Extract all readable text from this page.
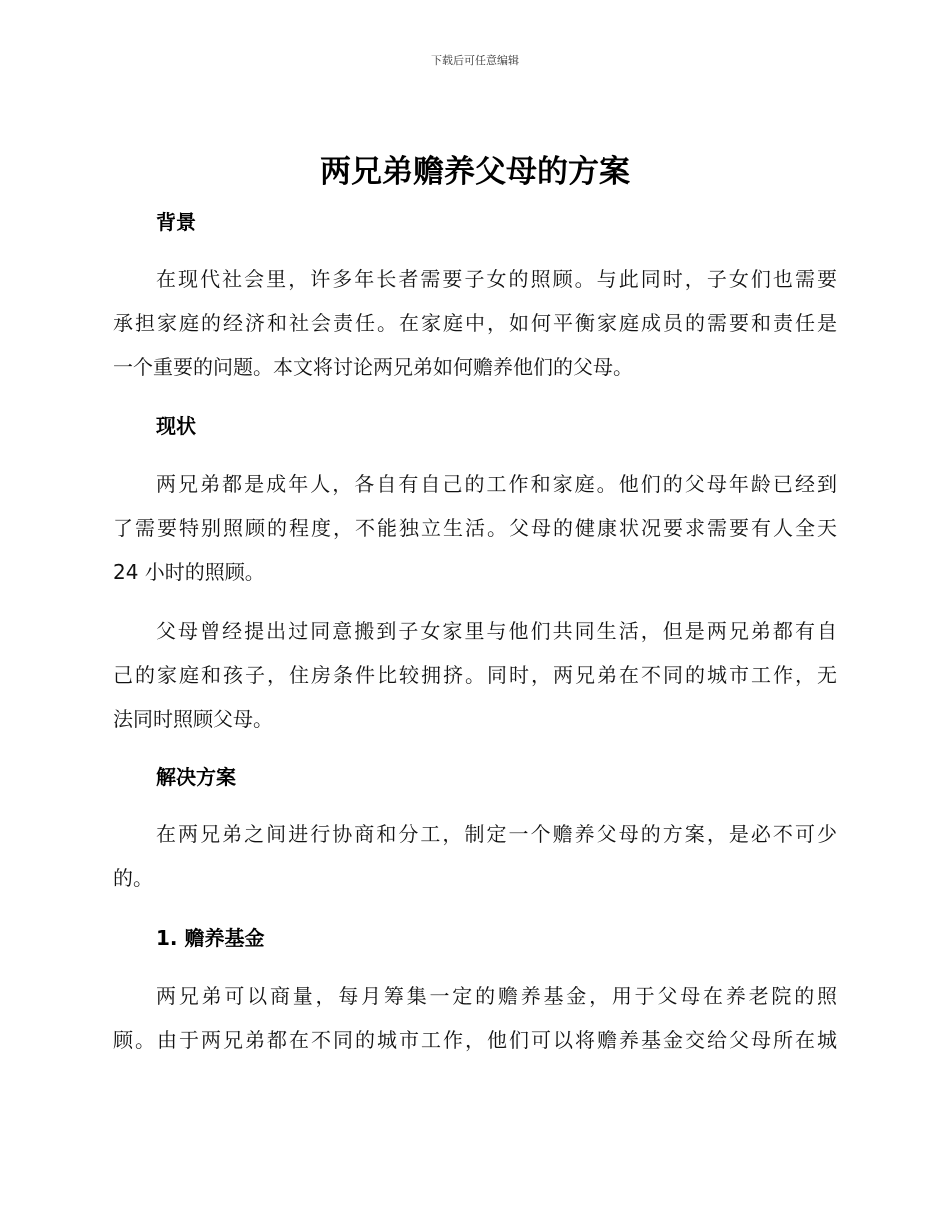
下载后可任意编辑
两兄弟赡养父母的方案
背景

在现代社会里，许多年长者需要子女的照顾。与此同时，子女们也需要
承担家庭的经济和社会责任。在家庭中，如何平衡家庭成员的需要和责任是
一个重要的问题。本文将讨论两兄弟如何赡养他们的父母。

现状

两兄弟都是成年人，各自有自己的工作和家庭。他们的父母年龄已经到
了需要特别照顾的程度，不能独立生活。父母的健康状况要求需要有人全天
24 小时的照顾。

父母曾经提出过同意搬到子女家里与他们共同生活，但是两兄弟都有自
己的家庭和孩子，住房条件比较拥挤。同时，两兄弟在不同的城市工作，无
法同时照顾父母。

解决方案

在两兄弟之间进行协商和分工，制定一个赡养父母的方案，是必不可少
的。

1. 赡养基金

两兄弟可以商量，每月筹集一定的赡养基金，用于父母在养老院的照
顾。由于两兄弟都在不同的城市工作，他们可以将赡养基金交给父母所在城
